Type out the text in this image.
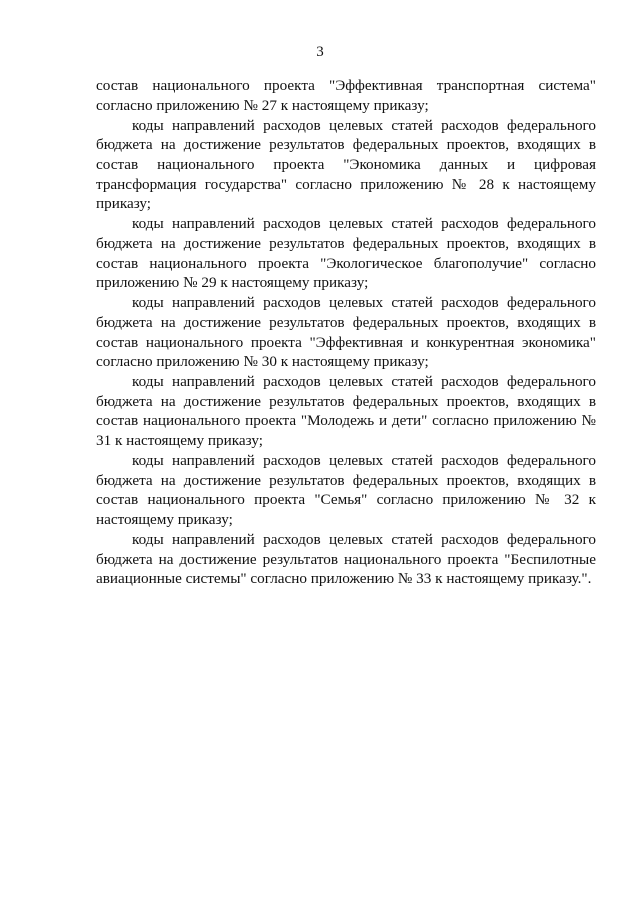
3

состав национального проекта "Эффективная транспортная система" согласно приложению № 27 к настоящему приказу;

коды направлений расходов целевых статей расходов федерального бюджета на достижение результатов федеральных проектов, входящих в состав национального проекта "Экономика данных и цифровая трансформация государства" согласно приложению № 28 к настоящему приказу;

коды направлений расходов целевых статей расходов федерального бюджета на достижение результатов федеральных проектов, входящих в состав национального проекта "Экологическое благополучие" согласно приложению № 29 к настоящему приказу;

коды направлений расходов целевых статей расходов федерального бюджета на достижение результатов федеральных проектов, входящих в состав национального проекта "Эффективная и конкурентная экономика" согласно приложению № 30 к настоящему приказу;

коды направлений расходов целевых статей расходов федерального бюджета на достижение результатов федеральных проектов, входящих в состав национального проекта "Молодежь и дети" согласно приложению № 31 к настоящему приказу;

коды направлений расходов целевых статей расходов федерального бюджета на достижение результатов федеральных проектов, входящих в состав национального проекта "Семья" согласно приложению № 32 к настоящему приказу;

коды направлений расходов целевых статей расходов федерального бюджета на достижение результатов национального проекта "Беспилотные авиационные системы" согласно приложению № 33 к настоящему приказу.".
